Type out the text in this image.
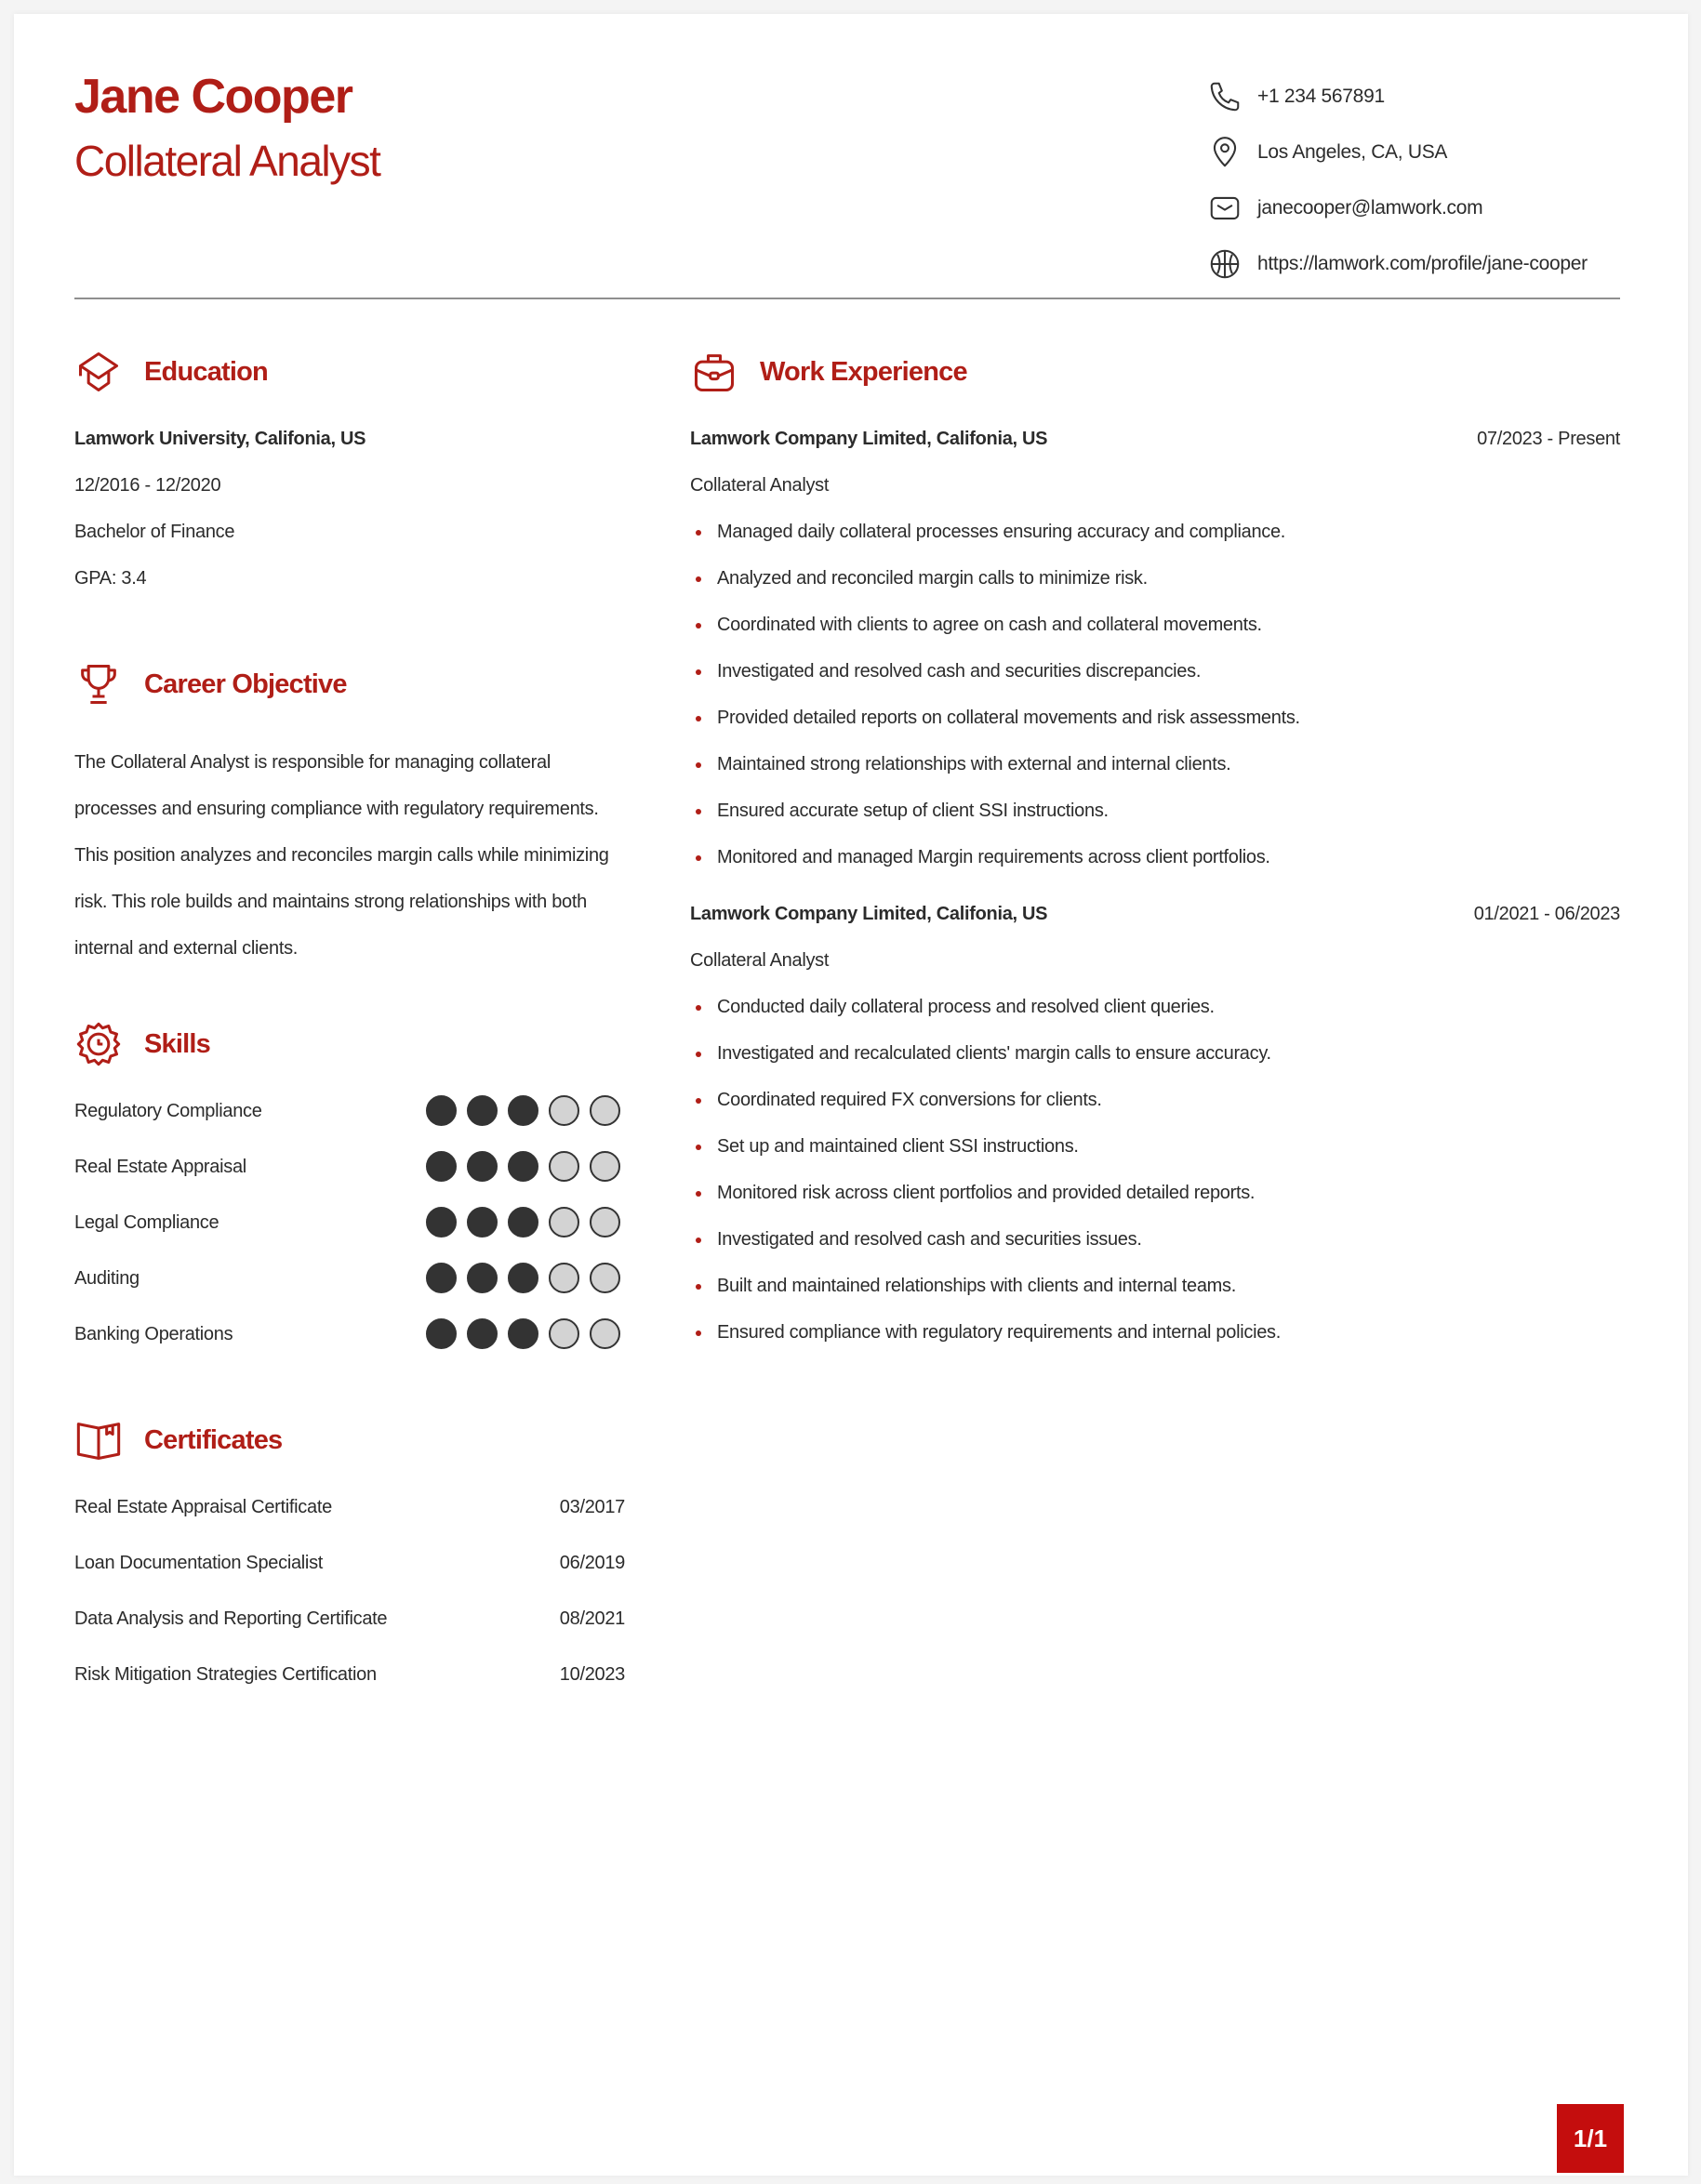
Jane Cooper
Collateral Analyst
+1 234 567891
Los Angeles, CA, USA
janecooper@lamwork.com
https://lamwork.com/profile/jane-cooper
Education
Lamwork University, Califonia, US
12/2016 - 12/2020
Bachelor of Finance
GPA: 3.4
Career Objective
The Collateral Analyst is responsible for managing collateral processes and ensuring compliance with regulatory requirements. This position analyzes and reconciles margin calls while minimizing risk. This role builds and maintains strong relationships with both internal and external clients.
Skills
Regulatory Compliance
Real Estate Appraisal
Legal Compliance
Auditing
Banking Operations
Certificates
Real Estate Appraisal Certificate	03/2017
Loan Documentation Specialist	06/2019
Data Analysis and Reporting Certificate	08/2021
Risk Mitigation Strategies Certification	10/2023
Work Experience
Lamwork Company Limited, Califonia, US	07/2023 - Present
Collateral Analyst
Managed daily collateral processes ensuring accuracy and compliance.
Analyzed and reconciled margin calls to minimize risk.
Coordinated with clients to agree on cash and collateral movements.
Investigated and resolved cash and securities discrepancies.
Provided detailed reports on collateral movements and risk assessments.
Maintained strong relationships with external and internal clients.
Ensured accurate setup of client SSI instructions.
Monitored and managed Margin requirements across client portfolios.
Lamwork Company Limited, Califonia, US	01/2021 - 06/2023
Collateral Analyst
Conducted daily collateral process and resolved client queries.
Investigated and recalculated clients' margin calls to ensure accuracy.
Coordinated required FX conversions for clients.
Set up and maintained client SSI instructions.
Monitored risk across client portfolios and provided detailed reports.
Investigated and resolved cash and securities issues.
Built and maintained relationships with clients and internal teams.
Ensured compliance with regulatory requirements and internal policies.
1/1
